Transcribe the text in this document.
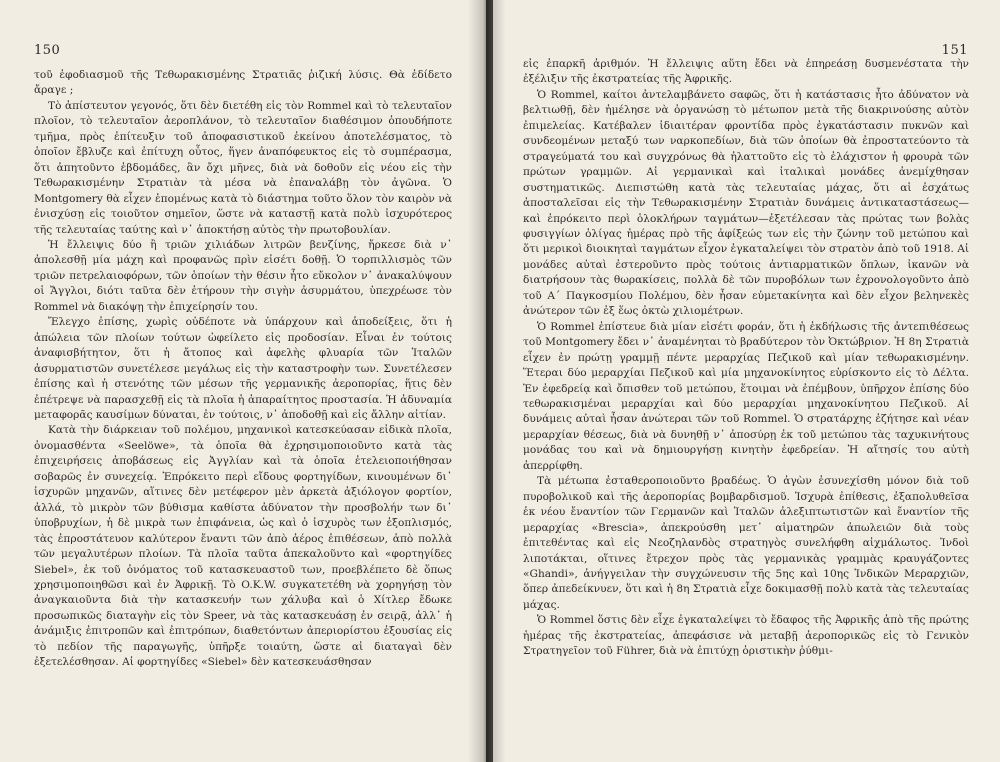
150

τοῦ ἐφοδιασμοῦ τῆς Τεθωρακισμένης Στρατιᾶς ῥιζική λύσις. Θὰ ἐδίδετο ἄραγε ;

Τὸ ἀπίστευτον γεγονός, ὅτι δὲν διετέθη εἰς τὸν Rommel καὶ τὸ τελευταῖον πλοῖον, τὸ τελευταῖον ἀεροπλάνον, τὸ τελευταῖον διαθέσιμον ὁπουδήποτε τμῆμα, πρὸς ἐπίτευξιν τοῦ ἀποφασιστικοῦ ἐκείνου ἀποτελέσματος, τὸ ὁποῖον ἔβλυζε καὶ ἐπίτυχη οὗτος, ἥγεν ἀναπόφευκτος εἰς τὸ συμπέρασμα, ὅτι ἀπητοῦντο ἑβδομάδες, ἂν ὄχι μῆνες, διὰ νὰ δοθοῦν εἰς νέου εἰς τὴν Τεθωρακισμένην Στρατιὰν τὰ μέσα νὰ ἐπαναλάβῃ τὸν ἀγῶνα. Ὁ Montgomery θὰ εἶχεν ἑπομένως κατὰ τὸ διάστημα τοῦτο ὅλον τὸν καιρὸν νὰ ἐνισχύσῃ εἰς τοιοῦτον σημεῖον, ὥστε νὰ καταστῇ κατὰ πολὺ ἰσχυρότερος τῆς τελευταίας ταύτης καὶ ν᾽ ἀποκτήσῃ αὐτὸς τὴν πρωτοβουλίαν.

Ἡ ἔλλειψις δύο ἢ τριῶν χιλιάδων λιτρῶν βενζίνης, ἤρκεσε διὰ ν᾽ ἀπολεσθῇ μία μάχη καὶ προφανῶς πρὶν εἰσέτι δοθῇ. Ὁ τορπιλλισμὸς τῶν τριῶν πετρελαιοφόρων, τῶν ὁποίων τὴν θέσιν ἦτο εὔκολον ν᾽ ἀνακαλύψουν οἱ Ἄγγλοι, διότι ταῦτα δὲν ἐτήρουν τὴν σιγὴν ἀσυρμάτου, ὑπεχρέωσε τὸν Rommel νὰ διακόψῃ τὴν ἐπιχείρησίν του.

Ἔλεγχο ἐπίσης, χωρὶς οὐδέποτε νὰ ὑπάρχουν καὶ ἀποδείξεις, ὅτι ἡ ἀπώλεια τῶν πλοίων τούτων ὠφείλετο εἰς προδοσίαν. Εἶναι ἐν τούτοις ἀναφισβήτητον, ὅτι ἡ ἄτοπος καὶ ἀφελὴς φλυαρία τῶν Ἰταλῶν ἀσυρματιστῶν συνετέλεσε μεγάλως εἰς τὴν καταστροφὴν των. Συνετέλεσεν ἐπίσης καὶ ἡ στενότης τῶν μέσων τῆς γερμανικῆς ἀεροπορίας, ἥτις δὲν ἐπέτρεψε νὰ παρασχεθῇ εἰς τὰ πλοῖα ἡ ἀπαραίτητος προστασία. Ἡ ἀδυναμία μεταφορᾶς καυσίμων δύναται, ἐν τούτοις, ν᾽ ἀποδοθῇ καὶ εἰς ἄλλην αἰτίαν.

Κατὰ τὴν διάρκειαν τοῦ πολέμου, μηχανικοὶ κατεσκεύασαν εἰδικὰ πλοῖα, ὀνομασθέντα «Seelöwe», τὰ ὁποῖα θὰ ἐχρησιμοποιοῦντο κατὰ τὰς ἐπιχειρήσεις ἀποβάσεως εἰς Ἀγγλίαν καὶ τὰ ὁποῖα ἐτελειοποιήθησαν σοβαρῶς ἐν συνεχείᾳ. Ἐπρόκειτο περὶ εἴδους φορτηγίδων, κινουμένων δι᾽ ἰσχυρῶν μηχανῶν, αἵτινες δὲν μετέφερον μὲν ἀρκετὰ ἀξιόλογον φορτίον, ἀλλά, τὸ μικρὸν τῶν βύθισμα καθίστα ἀδύνατον τὴν προσβολήν των δι᾽ ὑποβρυχίων, ἡ δὲ μικρὰ των ἐπιφάνεια, ὡς καὶ ὁ ἰσχυρὸς των ἐξοπλισμός, τὰς ἐπροστάτευον καλύτερον ἔναντι τῶν ἀπὸ ἀέρος ἐπιθέσεων, ἀπὸ πολλὰ τῶν μεγαλυτέρων πλοίων. Τὰ πλοῖα ταῦτα ἀπεκαλοῦντο καὶ «φορτηγίδες Siebel», ἐκ τοῦ ὀνόματος τοῦ κατασκευαστοῦ των, προεβλέπετο δὲ ὅπως χρησιμοποιηθῶσι καὶ ἐν Ἀφρικῇ. Τὸ O.K.W. συγκατετέθη νὰ χορηγήσῃ τὸν ἀναγκαιοῦντα διὰ τὴν κατασκευήν των χάλυβα καὶ ὁ Χίτλερ ἔδωκε προσωπικῶς διαταγὴν εἰς τὸν Speer, νὰ τὰς κατασκευάσῃ ἐν σειρᾷ, ἀλλ᾽ ἡ ἀνάμιξις ἐπιτροπῶν καὶ ἐπιτρόπων, διαθετόντων ἀπεριορίστου ἐξουσίας εἰς τὸ πεδίον τῆς παραγωγῆς, ὑπῆρξε τοιαύτη, ὥστε αἱ διαταγαὶ δὲν ἐξετελέσθησαν. Αἱ φορτηγίδες «Siebel» δὲν κατεσκευάσθησαν

151

εἰς ἐπαρκῆ ἀριθμόν. Ἡ ἔλλειψις αὕτη ἔδει νὰ ἐπηρεάσῃ δυσμενέστατα τὴν ἐξέλιξιν τῆς ἐκστρατείας τῆς Ἀφρικῆς.

Ὁ Rommel, καίτοι ἀντελαμβάνετο σαφῶς, ὅτι ἡ κατάστασις ἦτο ἀδύνατον νὰ βελτιωθῇ, δὲν ἠμέλησε νὰ ὀργανώσῃ τὸ μέτωπον μετὰ τῆς διακρινούσης αὐτὸν ἐπιμελείας. Κατέβαλεν ἰδιαιτέραν φροντίδα πρὸς ἐγκατάστασιν πυκνῶν καὶ συνδεομένων μεταξύ των ναρκοπεδίων, διὰ τῶν ὁποίων θὰ ἐπροστατεύοντο τὰ στραγεύματά του καὶ συγχρόνως θὰ ἠλαττοῦτο εἰς τὸ ἐλάχιστον ἡ φρουρὰ τῶν πρώτων γραμμῶν. Αἱ γερμανικαὶ καὶ ἰταλικαὶ μονάδες ἀνεμίχθησαν συστηματικῶς. Διεπιστώθη κατὰ τὰς τελευταίας μάχας, ὅτι αἱ ἐσχάτως ἀποσταλεῖσαι εἰς τὴν Τεθωρακισμένην Στρατιὰν δυνάμεις ἀντικαταστάσεως—καὶ ἐπρόκειτο περὶ ὁλοκλήρων ταγμάτων—ἐξετέλεσαν τὰς πρώτας των βολὰς φυσιγγίων ὀλίγας ἡμέρας πρὸ τῆς ἀφίξεώς των εἰς τὴν ζώνην τοῦ μετώπου καὶ ὅτι μερικοὶ διοικηταὶ ταγμάτων εἶχον ἐγκαταλείψει τὸν στρατὸν ἀπὸ τοῦ 1918. Αἱ μονάδες αὐταὶ ἐστεροῦντο πρὸς τούτοις ἀντιαρματικῶν ὅπλων, ἱκανῶν νὰ διατρήσουν τὰς θωρακίσεις, πολλὰ δὲ τῶν πυροβόλων των ἐχρονολογοῦντο ἀπὸ τοῦ Α΄ Παγκοσμίου Πολέμου, δὲν ἦσαν εὐμετακίνητα καὶ δὲν εἶχον βεληνεκὲς ἀνώτερον τῶν ἐξ ἕως ὀκτὼ χιλιομέτρων.

Ὁ Rommel ἐπίστευε διὰ μίαν εἰσέτι φοράν, ὅτι ἡ ἐκδήλωσις τῆς ἀντεπιθέσεως τοῦ Montgomery ἔδει ν᾽ ἀναμένηται τὸ βραδύτερον τὸν Ὀκτώβριον. Ἡ 8η Στρατιὰ εἶχεν ἐν πρώτῃ γραμμῇ πέντε μεραρχίας Πεζικοῦ καὶ μίαν τεθωρακισμένην. Ἕτεραι δύο μεραρχίαι Πεζικοῦ καὶ μία μηχανοκίνητος εὑρίσκοντο εἰς τὸ Δέλτα. Ἐν ἐφεδρείᾳ καὶ ὄπισθεν τοῦ μετώπου, ἕτοιμαι νὰ ἐπέμβουν, ὑπῆρχον ἐπίσης δύο τεθωρακισμέναι μεραρχίαι καὶ δύο μεραρχίαι μηχανοκίνητου Πεζικοῦ. Αἱ δυνάμεις αὐταὶ ἦσαν ἀνώτεραι τῶν τοῦ Rommel. Ὁ στρατάρχης ἐζήτησε καὶ νέαν μεραρχίαν θέσεως, διὰ νὰ δυνηθῇ ν᾽ ἀποσύρῃ ἐκ τοῦ μετώπου τὰς ταχυκινήτους μονάδας του καὶ νὰ δημιουργήσῃ κινητὴν ἐφεδρείαν. Ἡ αἴτησίς του αὐτὴ ἀπερρίφθη.

Τὰ μέτωπα ἐσταθεροποιοῦντο βραδέως. Ὁ ἀγὼν ἐσυνεχίσθη μόνον διὰ τοῦ πυροβολικοῦ καὶ τῆς ἀεροπορίας βομβαρδισμοῦ. Ἰσχυρὰ ἐπίθεσις, ἐξαπολυθεῖσα ἐκ νέου ἔναντίον τῶν Γερμανῶν καὶ Ἰταλῶν ἀλεξιπτωτιστῶν καὶ ἔναντίον τῆς μεραρχίας «Brescia», ἀπεκρούσθη μετ᾽ αἱματηρῶν ἀπωλειῶν διὰ τοὺς ἐπιτεθέντας καὶ εἰς Νεοζηλανδὸς στρατηγὸς συνελήφθη αἰχμάλωτος. Ἰνδοὶ λιποτάκται, οἵτινες ἔτρεχον πρὸς τὰς γερμανικὰς γραμμὰς κραυγάζοντες «Ghandi», ἀνήγγειλαν τὴν συγχώνευσιν τῆς 5ης καὶ 10ης Ἰνδικῶν Μεραρχιῶν, ὅπερ ἀπεδείκνυεν, ὅτι καὶ ἡ 8η Στρατιὰ εἶχε δοκιμασθῇ πολὺ κατὰ τὰς τελευταίας μάχας.

Ὁ Rommel ὅστις δὲν εἶχε ἐγκαταλείψει τὸ ἔδαφος τῆς Ἀφρικῆς ἀπὸ τῆς πρώτης ἡμέρας τῆς ἐκστρατείας, ἀπεφάσισε νὰ μεταβῇ ἀεροπορικῶς εἰς τὸ Γενικὸν Στρατηγεῖον τοῦ Führer, διὰ νὰ ἐπιτύχῃ ὁριστικὴν ῥύθμι-
